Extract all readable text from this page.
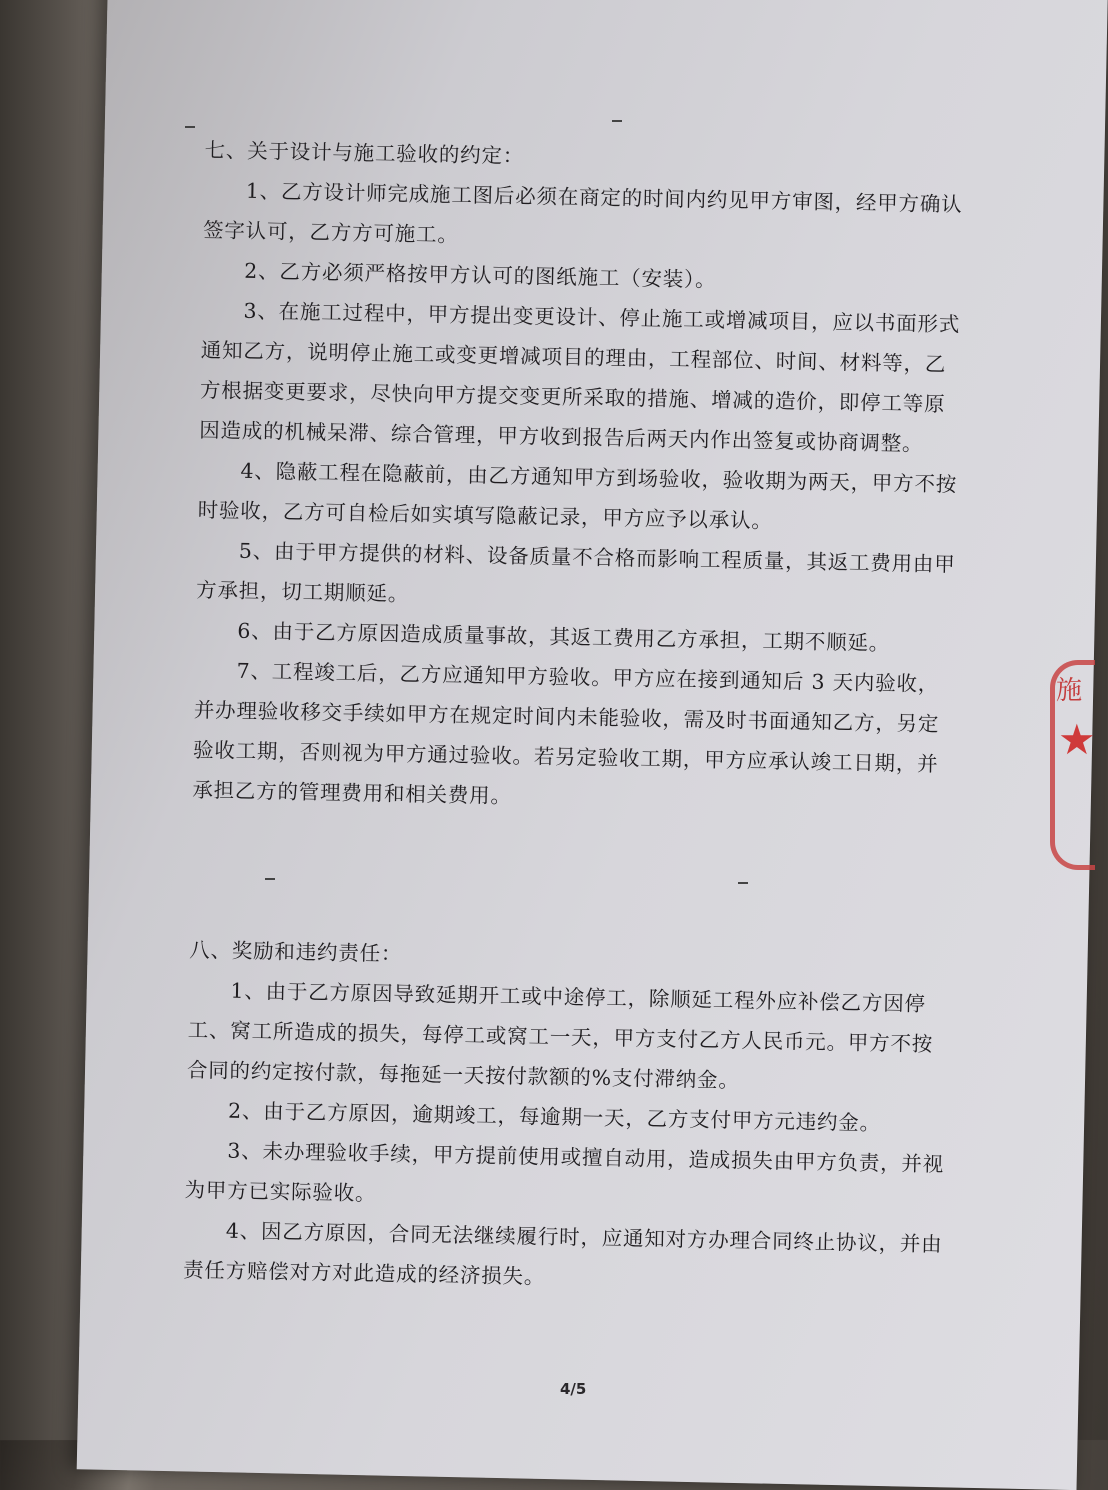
七、关于设计与施工验收的约定：

1、乙方设计师完成施工图后必须在商定的时间内约见甲方审图，经甲方确认签字认可，乙方方可施工。

2、乙方必须严格按甲方认可的图纸施工（安装）。

3、在施工过程中，甲方提出变更设计、停止施工或增减项目，应以书面形式通知乙方，说明停止施工或变更增减项目的理由，工程部位、时间、材料等，乙方根据变更要求，尽快向甲方提交变更所采取的措施、增减的造价，即停工等原因造成的机械呆滞、综合管理，甲方收到报告后两天内作出签复或协商调整。

4、隐蔽工程在隐蔽前，由乙方通知甲方到场验收，验收期为两天，甲方不按时验收，乙方可自检后如实填写隐蔽记录，甲方应予以承认。

5、由于甲方提供的材料、设备质量不合格而影响工程质量，其返工费用由甲方承担，切工期顺延。

6、由于乙方原因造成质量事故，其返工费用乙方承担，工期不顺延。

7、工程竣工后，乙方应通知甲方验收。甲方应在接到通知后 3 天内验收，并办理验收移交手续如甲方在规定时间内未能验收，需及时书面通知乙方，另定验收工期，否则视为甲方通过验收。若另定验收工期，甲方应承认竣工日期，并承担乙方的管理费用和相关费用。

八、奖励和违约责任：

1、由于乙方原因导致延期开工或中途停工，除顺延工程外应补偿乙方因停工、窝工所造成的损失，每停工或窝工一天，甲方支付乙方人民币元。甲方不按合同的约定按付款，每拖延一天按付款额的%支付滞纳金。

2、由于乙方原因，逾期竣工，每逾期一天，乙方支付甲方元违约金。

3、未办理验收手续，甲方提前使用或擅自动用，造成损失由甲方负责，并视为甲方已实际验收。

4、因乙方原因，合同无法继续履行时，应通知对方办理合同终止协议，并由责任方赔偿对方对此造成的经济损失。

4/5
施
★
